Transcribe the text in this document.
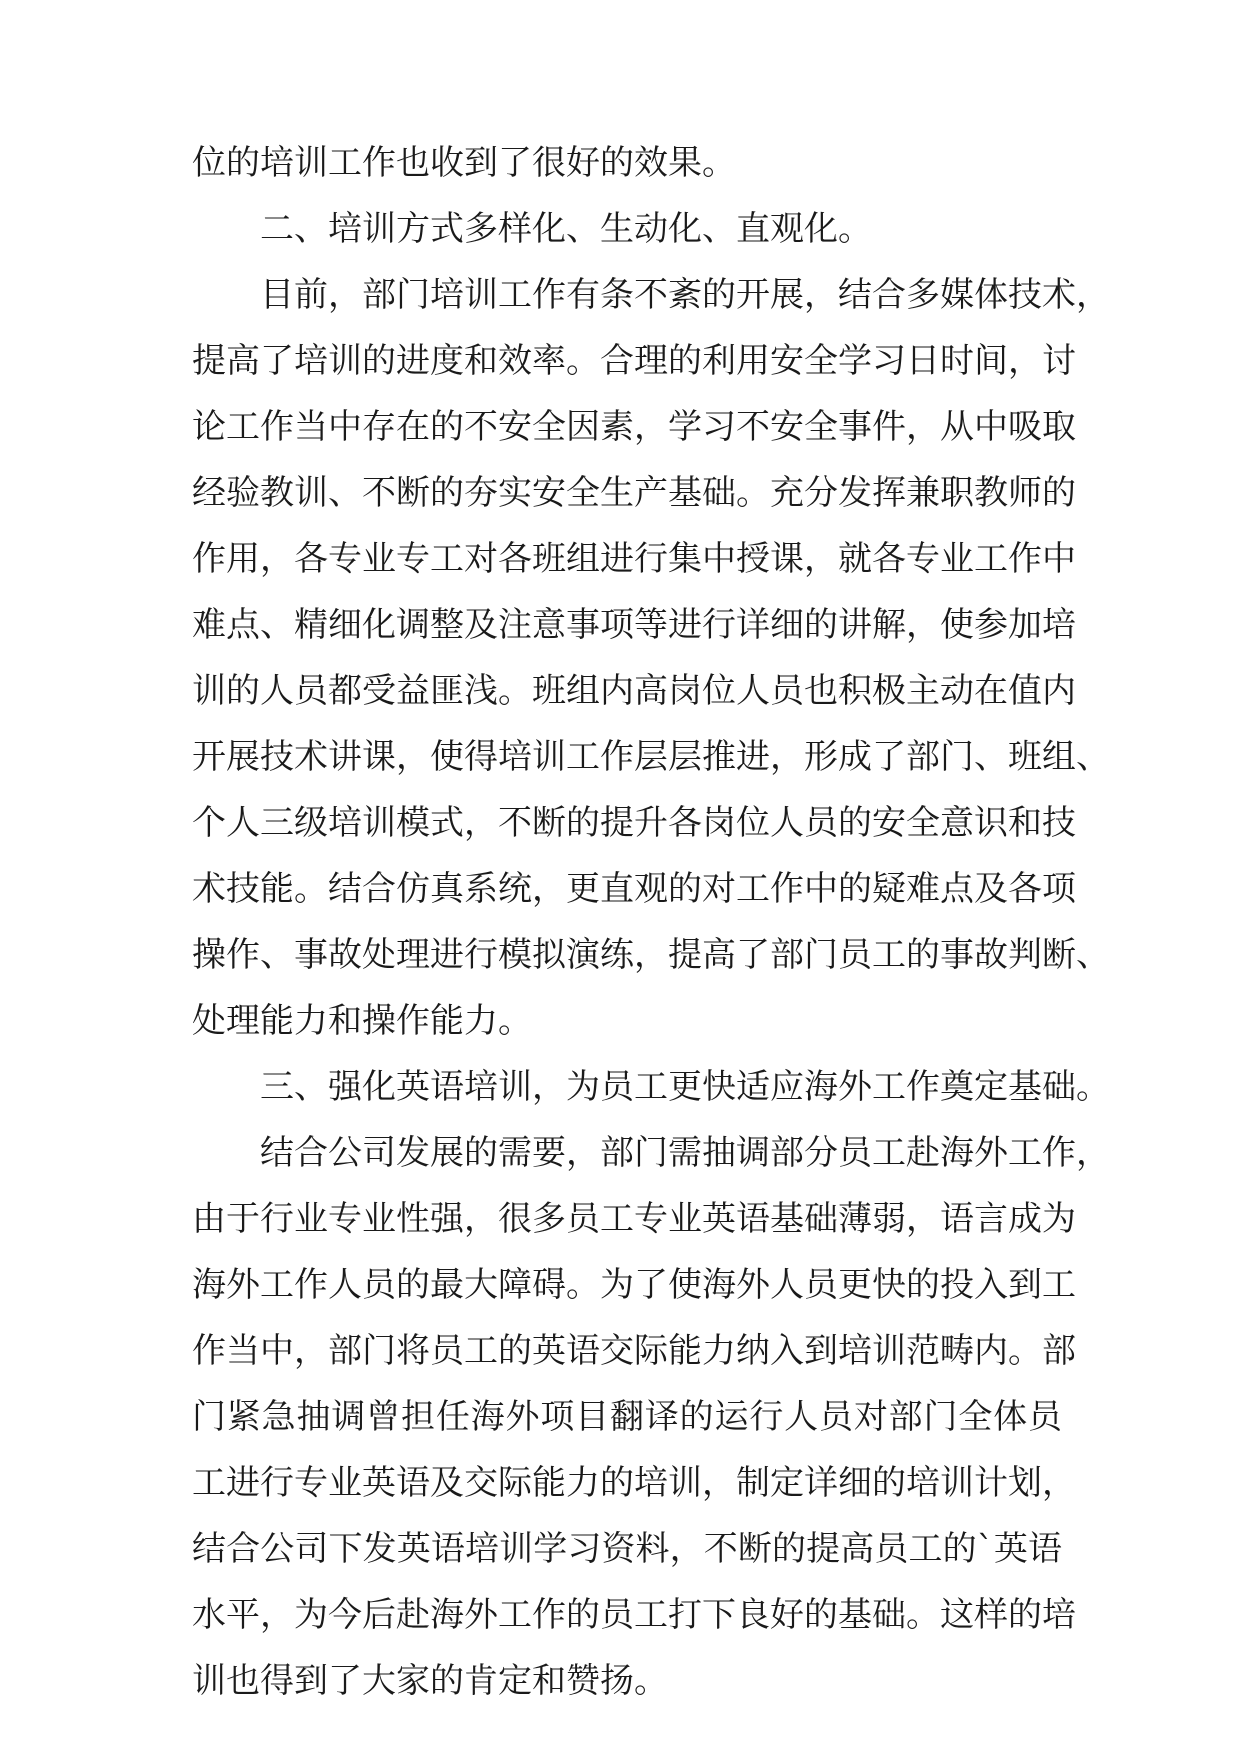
位的培训工作也收到了很好的效果。
二、培训方式多样化、生动化、直观化。
目前，部门培训工作有条不紊的开展，结合多媒体技术，
提高了培训的进度和效率。合理的利用安全学习日时间，讨
论工作当中存在的不安全因素，学习不安全事件，从中吸取
经验教训、不断的夯实安全生产基础。充分发挥兼职教师的
作用，各专业专工对各班组进行集中授课，就各专业工作中
难点、精细化调整及注意事项等进行详细的讲解，使参加培
训的人员都受益匪浅。班组内高岗位人员也积极主动在值内
开展技术讲课，使得培训工作层层推进，形成了部门、班组、
个人三级培训模式，不断的提升各岗位人员的安全意识和技
术技能。结合仿真系统，更直观的对工作中的疑难点及各项
操作、事故处理进行模拟演练，提高了部门员工的事故判断、
处理能力和操作能力。
三、强化英语培训，为员工更快适应海外工作奠定基础。
结合公司发展的需要，部门需抽调部分员工赴海外工作，
由于行业专业性强，很多员工专业英语基础薄弱，语言成为
海外工作人员的最大障碍。为了使海外人员更快的投入到工
作当中，部门将员工的英语交际能力纳入到培训范畴内。部
门紧急抽调曾担任海外项目翻译的运行人员对部门全体员
工进行专业英语及交际能力的培训，制定详细的培训计划，
结合公司下发英语培训学习资料，不断的提高员工的`英语
水平，为今后赴海外工作的员工打下良好的基础。这样的培
训也得到了大家的肯定和赞扬。
